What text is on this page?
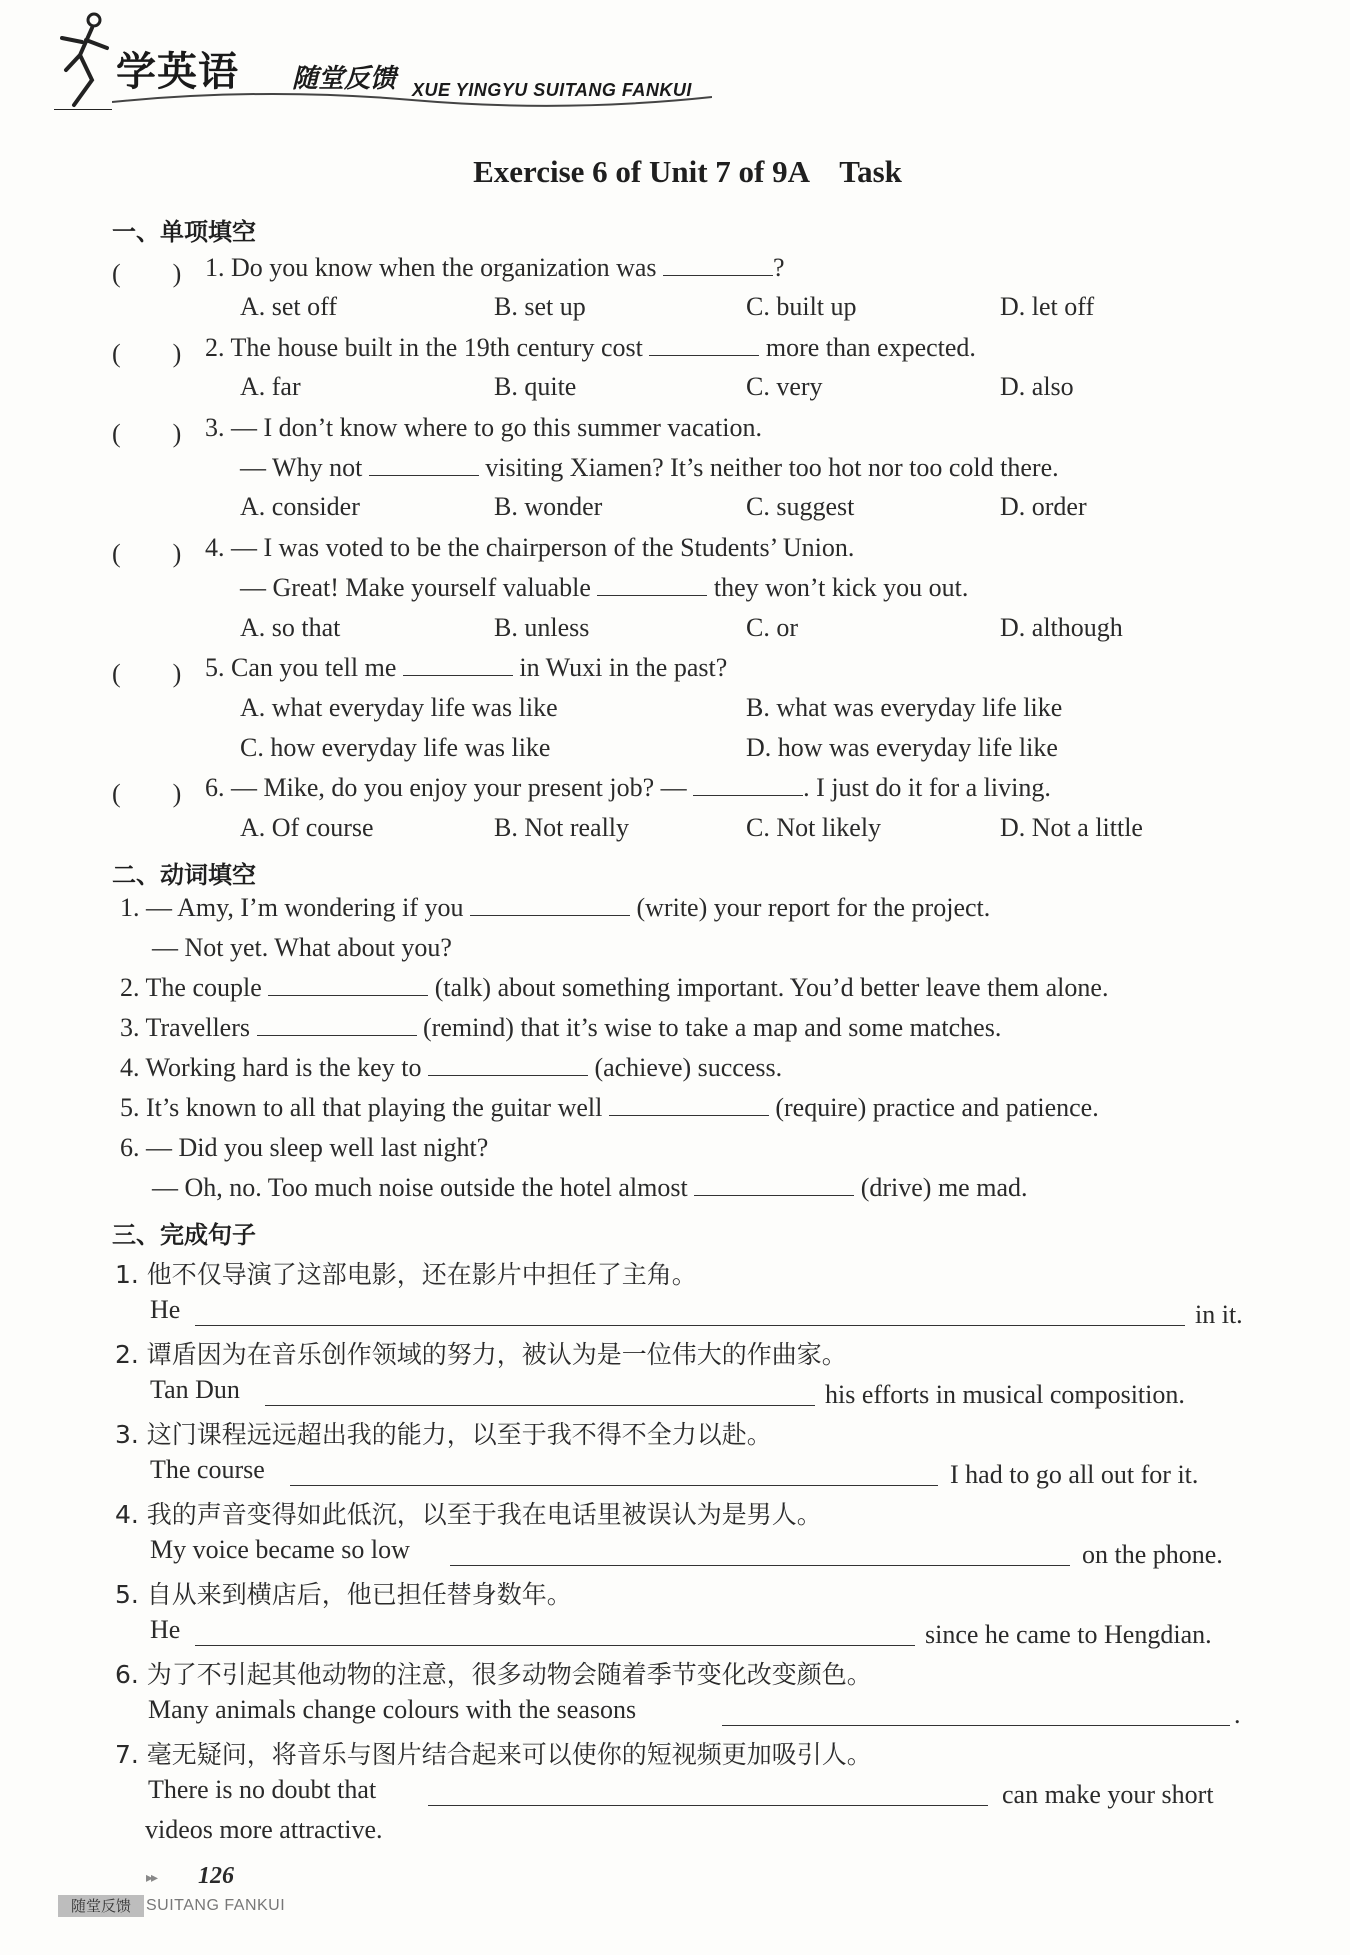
学英语 随堂反馈 XUE YINGYU SUITANG FANKUI
Exercise 6 of Unit 7 of 9A　Task
一、单项填空
(　　) 1. Do you know when the organization was	?
A. set off	B. set up	C. built up	D. let off
(　　) 2. The house built in the 19th century cost	more than expected.
A. far	B. quite	C. very	D. also
(　　) 3. — I don’t know where to go this summer vacation.
— Why not	visiting Xiamen? It’s neither too hot nor too cold there.
A. consider	B. wonder	C. suggest	D. order
(　　) 4. — I was voted to be the chairperson of the Students’ Union.
— Great! Make yourself valuable	they won’t kick you out.
A. so that	B. unless	C. or	D. although
(　　) 5. Can you tell me	in Wuxi in the past?
A. what everyday life was like	B. what was everyday life like
C. how everyday life was like	D. how was everyday life like
(　　) 6. — Mike, do you enjoy your present job? —	. I just do it for a living.
A. Of course	B. Not really	C. Not likely	D. Not a little
二、动词填空
1. — Amy, I’m wondering if you	(write) your report for the project.
— Not yet. What about you?
2. The couple	(talk) about something important. You’d better leave them alone.
3. Travellers	(remind) that it’s wise to take a map and some matches.
4. Working hard is the key to	(achieve) success.
5. It’s known to all that playing the guitar well	(require) practice and patience.
6. — Did you sleep well last night?
— Oh, no. Too much noise outside the hotel almost	(drive) me mad.
三、完成句子
1. 他不仅导演了这部电影，还在影片中担任了主角。
He	in it.
2. 谭盾因为在音乐创作领域的努力，被认为是一位伟大的作曲家。
Tan Dun	his efforts in musical composition.
3. 这门课程远远超出我的能力，以至于我不得不全力以赴。
The course	I had to go all out for it.
4. 我的声音变得如此低沉，以至于我在电话里被误认为是男人。
My voice became so low	on the phone.
5. 自从来到横店后，他已担任替身数年。
He	since he came to Hengdian.
6. 为了不引起其他动物的注意，很多动物会随着季节变化改变颜色。
Many animals change colours with the seasons	.
7. 毫无疑问，将音乐与图片结合起来可以使你的短视频更加吸引人。
There is no doubt that	can make your short
videos more attractive.
▸▸ 126
随堂反馈 SUITANG FANKUI
